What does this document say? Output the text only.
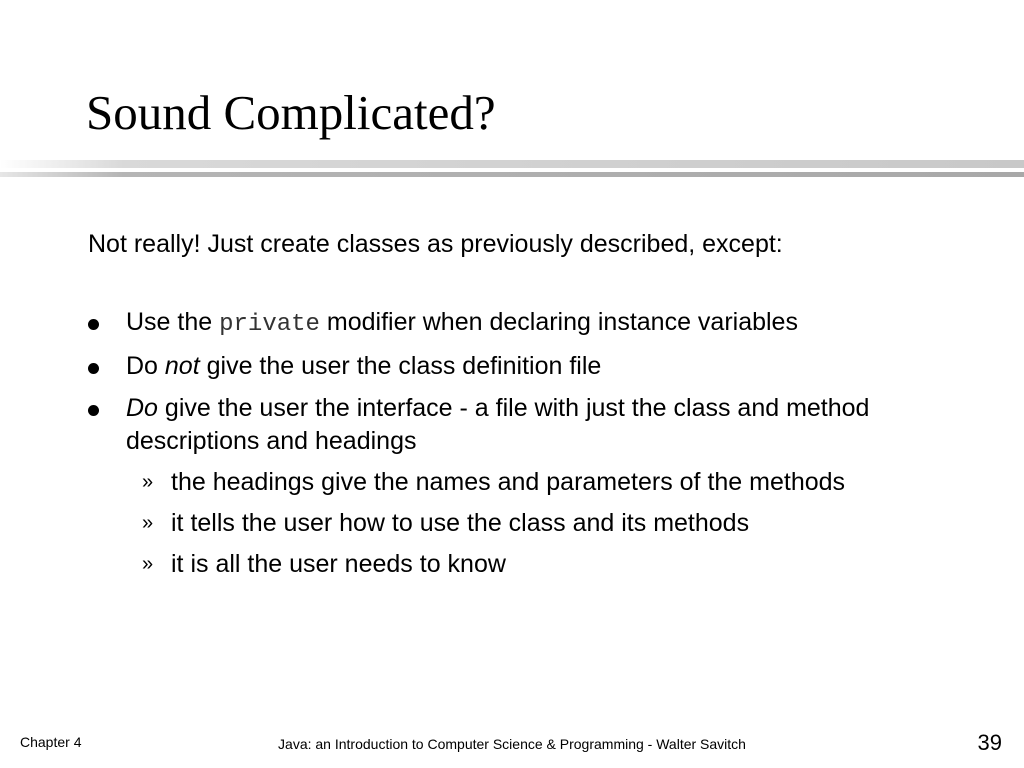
Sound Complicated?

Not really! Just create classes as previously described, except:

Use the private modifier when declaring instance variables
Do not give the user the class definition file
Do give the user the interface - a file with just the class and method descriptions and headings
» the headings give the names and parameters of the methods
» it tells the user how to use the class and its methods
» it is all the user needs to know
Chapter 4	Java: an Introduction to Computer Science & Programming - Walter Savitch	39
